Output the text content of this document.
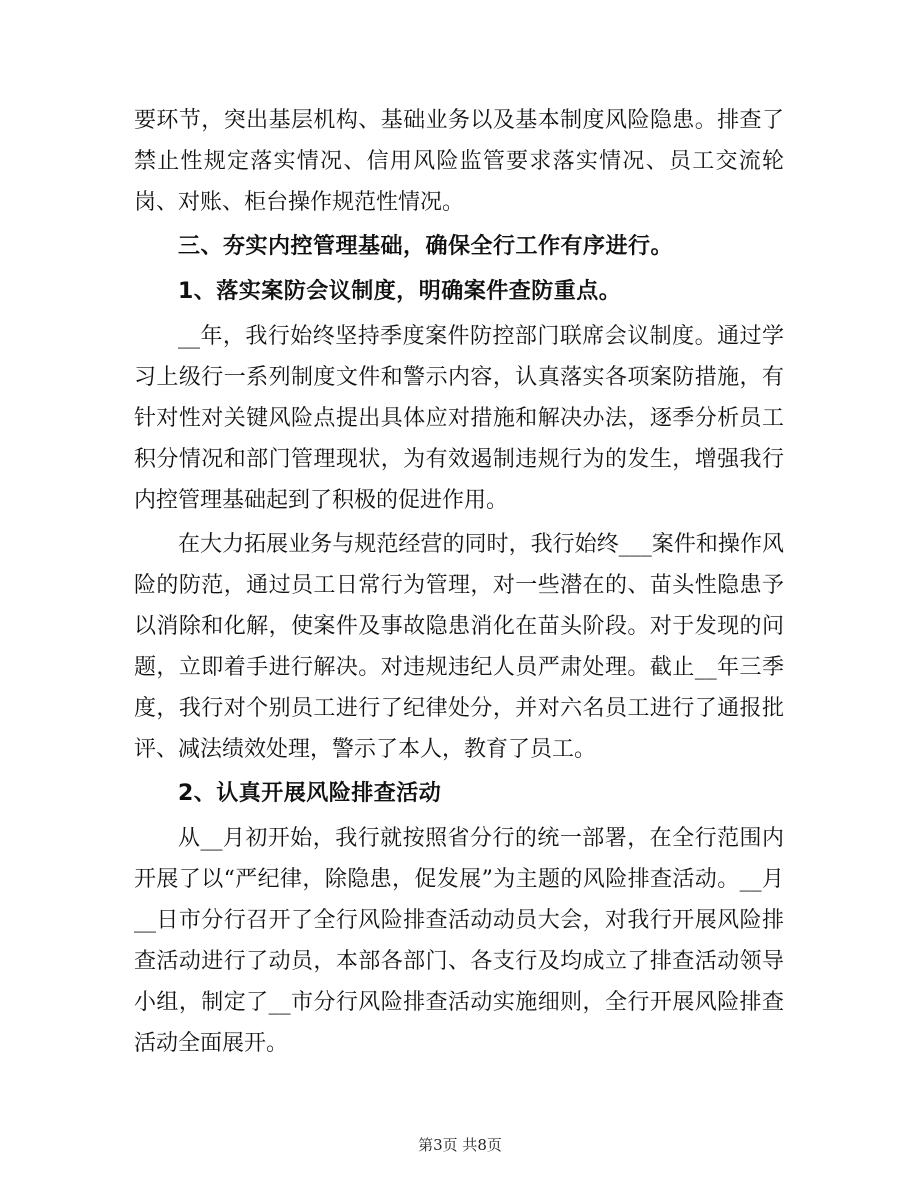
要环节，突出基层机构、基础业务以及基本制度风险隐患。排查了禁止性规定落实情况、信用风险监管要求落实情况、员工交流轮岗、对账、柜台操作规范性情况。

三、夯实内控管理基础，确保全行工作有序进行。

1、落实案防会议制度，明确案件查防重点。

__年，我行始终坚持季度案件防控部门联席会议制度。通过学习上级行一系列制度文件和警示内容，认真落实各项案防措施，有针对性对关键风险点提出具体应对措施和解决办法，逐季分析员工积分情况和部门管理现状，为有效遏制违规行为的发生，增强我行内控管理基础起到了积极的促进作用。

在大力拓展业务与规范经营的同时，我行始终___案件和操作风险的防范，通过员工日常行为管理，对一些潜在的、苗头性隐患予以消除和化解，使案件及事故隐患消化在苗头阶段。对于发现的问题，立即着手进行解决。对违规违纪人员严肃处理。截止__年三季度，我行对个别员工进行了纪律处分，并对六名员工进行了通报批评、减法绩效处理，警示了本人，教育了员工。

2、认真开展风险排查活动

从__月初开始，我行就按照省分行的统一部署，在全行范围内开展了以“严纪律，除隐患，促发展”为主题的风险排查活动。__月__日市分行召开了全行风险排查活动动员大会，对我行开展风险排查活动进行了动员，本部各部门、各支行及均成立了排查活动领导小组，制定了__市分行风险排查活动实施细则，全行开展风险排查活动全面展开。

第3页 共8页
